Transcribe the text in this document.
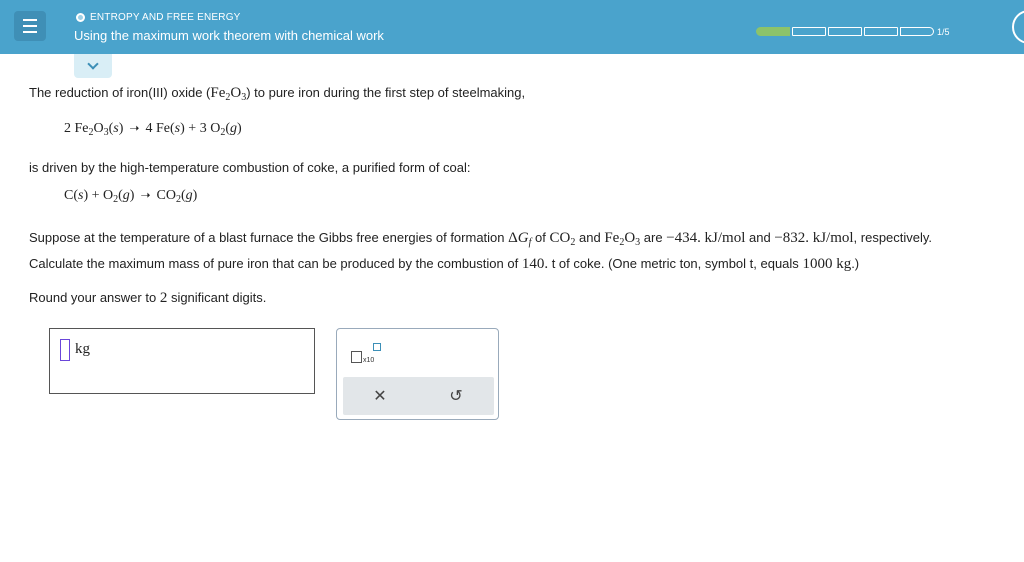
ENTROPY AND FREE ENERGY
Using the maximum work theorem with chemical work	1/5
The reduction of iron(III) oxide $(Fe_2O_3)$ to pure iron during the first step of steelmaking,
2 $Fe_2O_3(s)$ ➝ 4 Fe(s) + 3 $O_2(g)$
is driven by the high-temperature combustion of coke, a purified form of coal:
$C(s) + O_2(g)$ ➝ $CO_2(g)$
Suppose at the temperature of a blast furnace the Gibbs free energies of formation $\Delta G_f$ of $CO_2$ and $Fe_2O_3$ are −434. kJ/mol and −832. kJ/mol, respectively.
Calculate the maximum mass of pure iron that can be produced by the combustion of 140. t of coke. (One metric ton, symbol t, equals 1000 kg.)
Round your answer to 2 significant digits.
kg
x10
✕	↺
